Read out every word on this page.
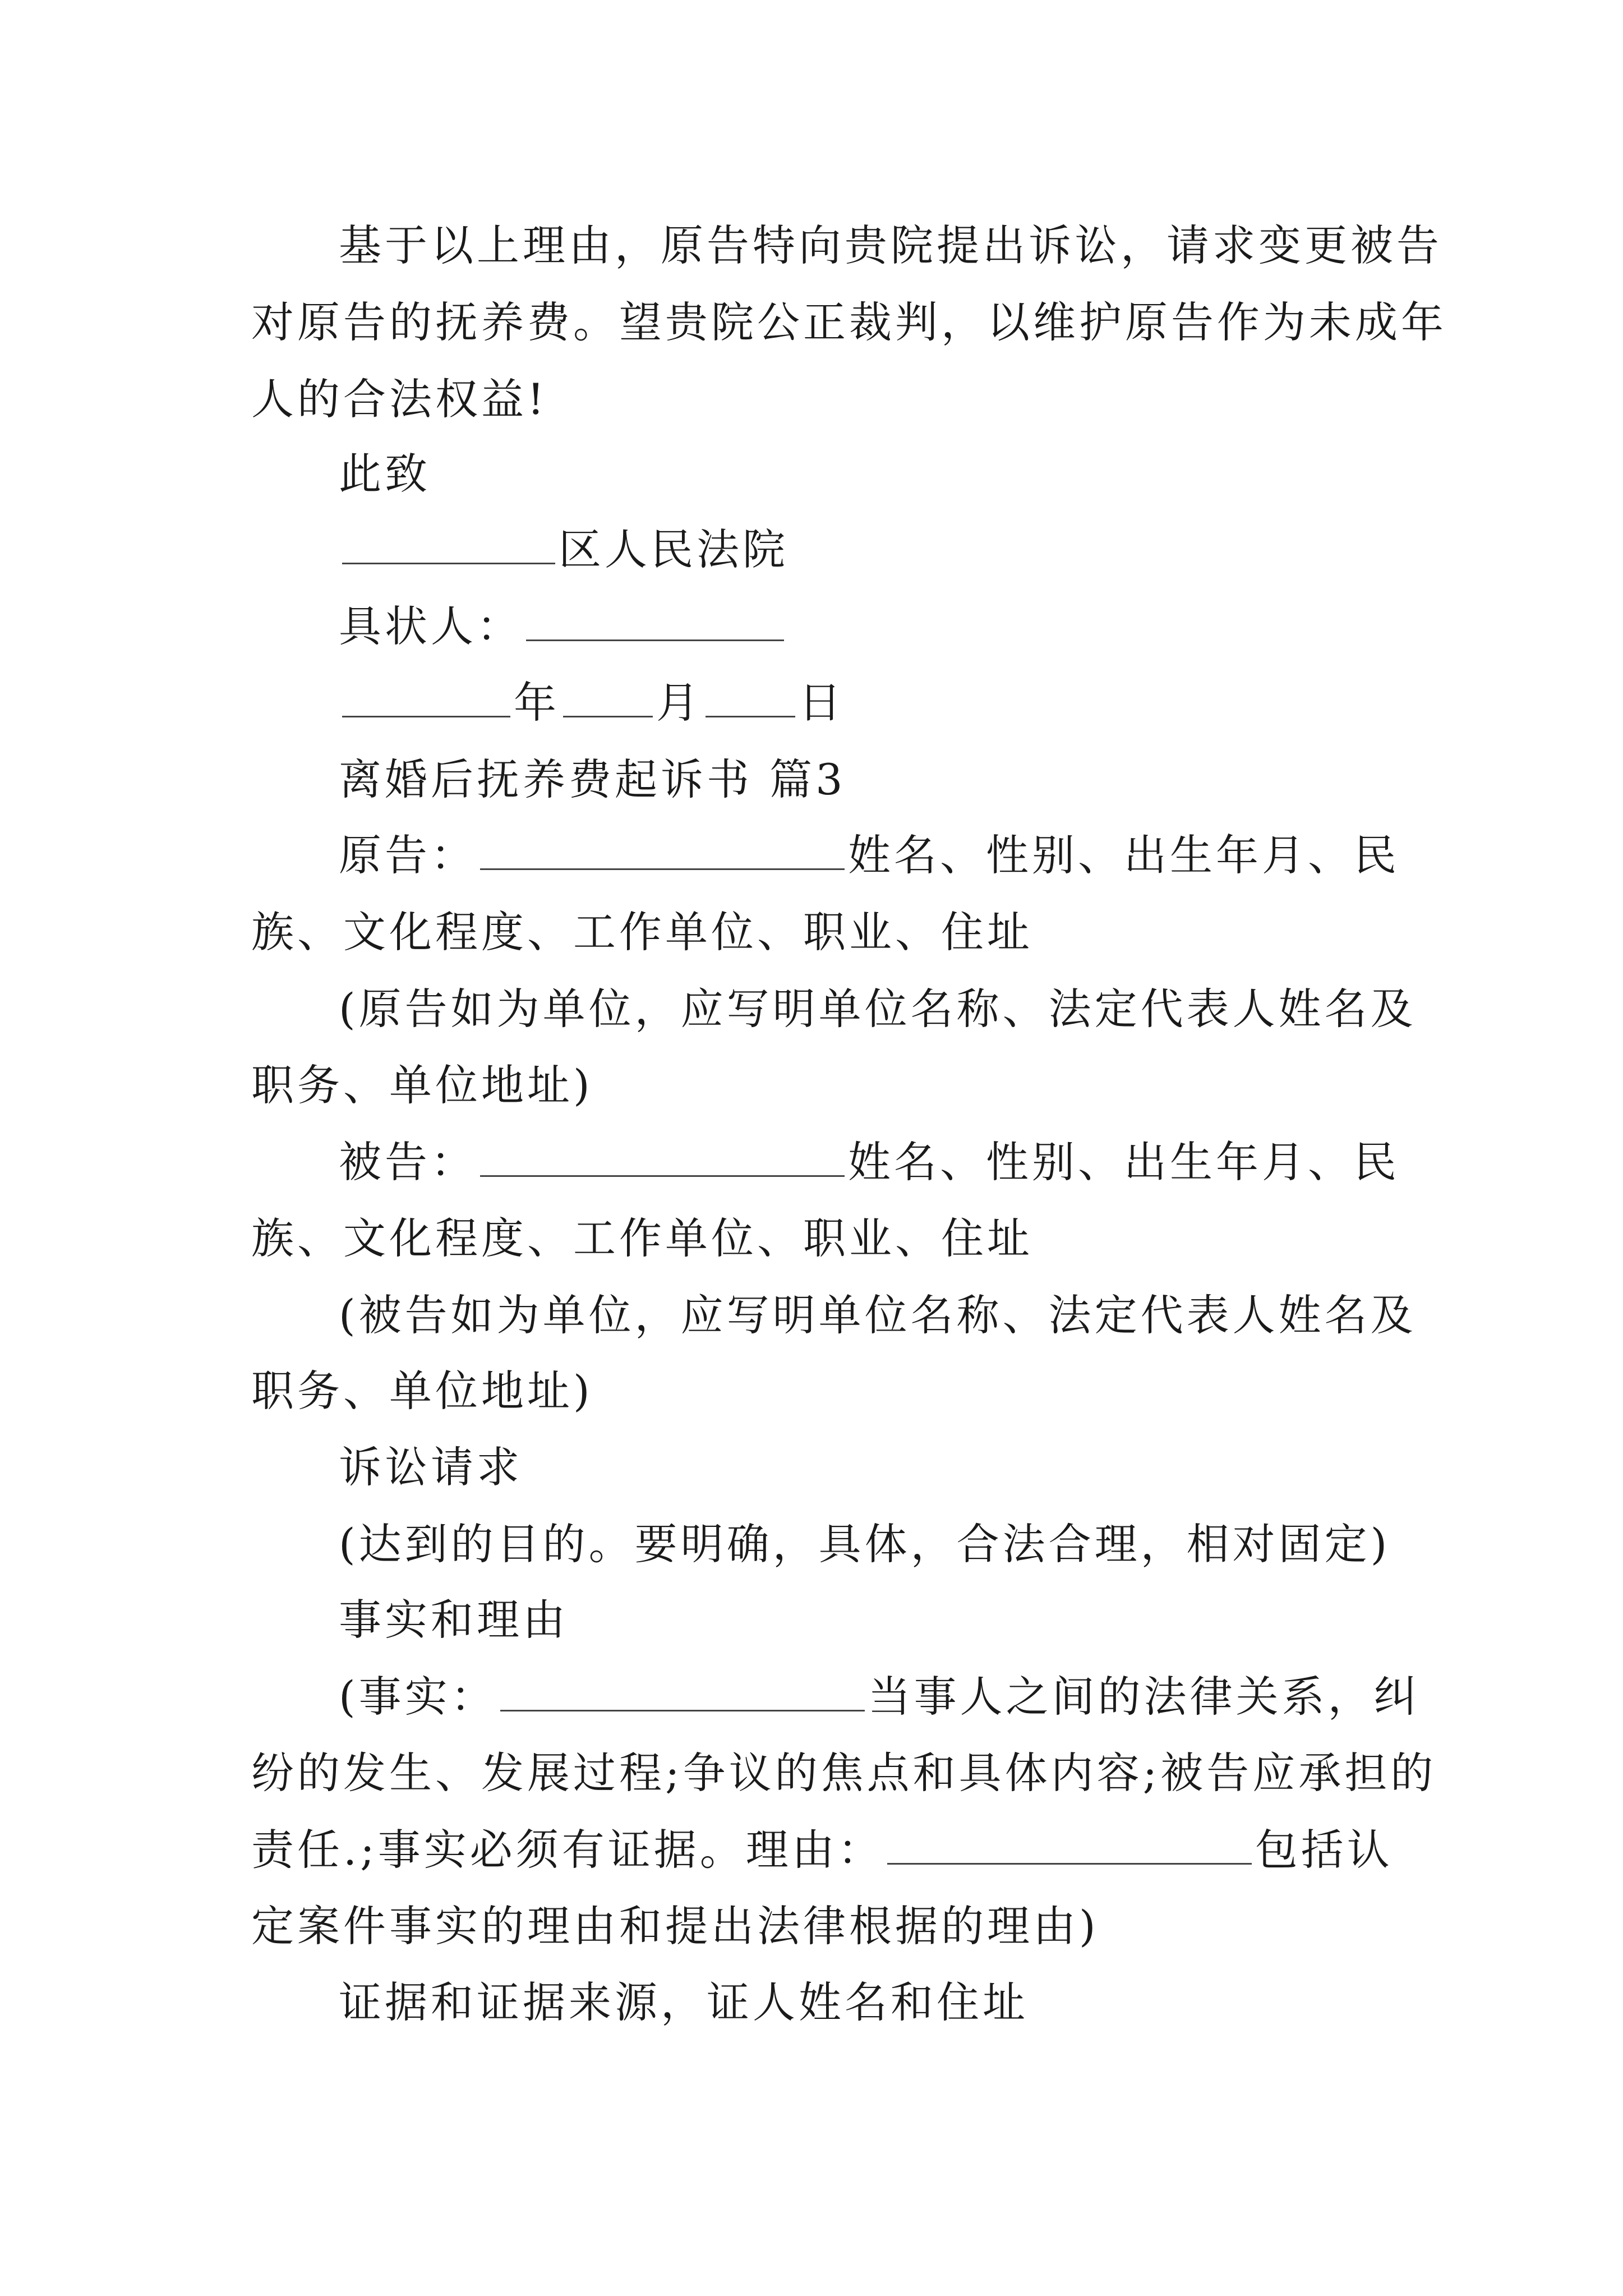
基于以上理由，原告特向贵院提出诉讼，请求变更被告
对原告的抚养费。望贵院公正裁判，以维护原告作为未成年
人的合法权益!
此致
区人民法院
具状人：
年 月 日
离婚后抚养费起诉书 篇3
原告：	姓名、性别、出生年月、民
族、文化程度、工作单位、职业、住址
(原告如为单位，应写明单位名称、法定代表人姓名及
职务、单位地址)
被告：	姓名、性别、出生年月、民
族、文化程度、工作单位、职业、住址
(被告如为单位，应写明单位名称、法定代表人姓名及
职务、单位地址)
诉讼请求
(达到的目的。要明确，具体，合法合理，相对固定)
事实和理由
(事实：	当事人之间的法律关系，纠
纷的发生、发展过程;争议的焦点和具体内容;被告应承担的
责任.;事实必须有证据。理由：	包括认
定案件事实的理由和提出法律根据的理由)
证据和证据来源，证人姓名和住址
